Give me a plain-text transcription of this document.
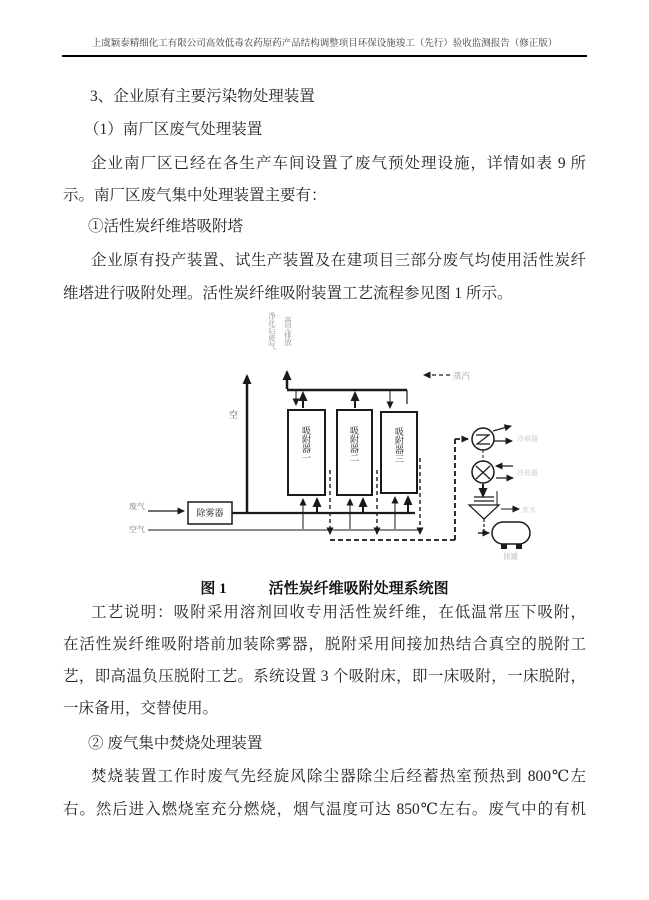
上虞颖泰精细化工有限公司高效低毒农药原药产品结构调整项目环保设施竣工（先行）验收监测报告（修正版）
3、企业原有主要污染物处理装置
（1）南厂区废气处理装置
企业南厂区已经在各生产车间设置了废气预处理设施，详情如表 9 所
示。南厂区废气集中处理装置主要有：
①活性炭纤维塔吸附塔
企业原有投产装置、试生产装置及在建项目三部分废气均使用活性炭纤
维塔进行吸附处理。活性炭纤维吸附装置工艺流程参见图 1 所示。
净化后废气 高空排放
空
蒸汽
吸附器一	吸附器二	吸附器三
除雾器
废气
空气
冷凝器
冷却器
废水
储罐
图 1	活性炭纤维吸附处理系统图
工艺说明：吸附采用溶剂回收专用活性炭纤维，在低温常压下吸附，
在活性炭纤维吸附塔前加装除雾器，脱附采用间接加热结合真空的脱附工
艺，即高温负压脱附工艺。系统设置 3 个吸附床，即一床吸附，一床脱附，
一床备用，交替使用。
② 废气集中焚烧处理装置
焚烧装置工作时废气先经旋风除尘器除尘后经蓄热室预热到 800℃左
右。然后进入燃烧室充分燃烧，烟气温度可达 850℃左右。废气中的有机
